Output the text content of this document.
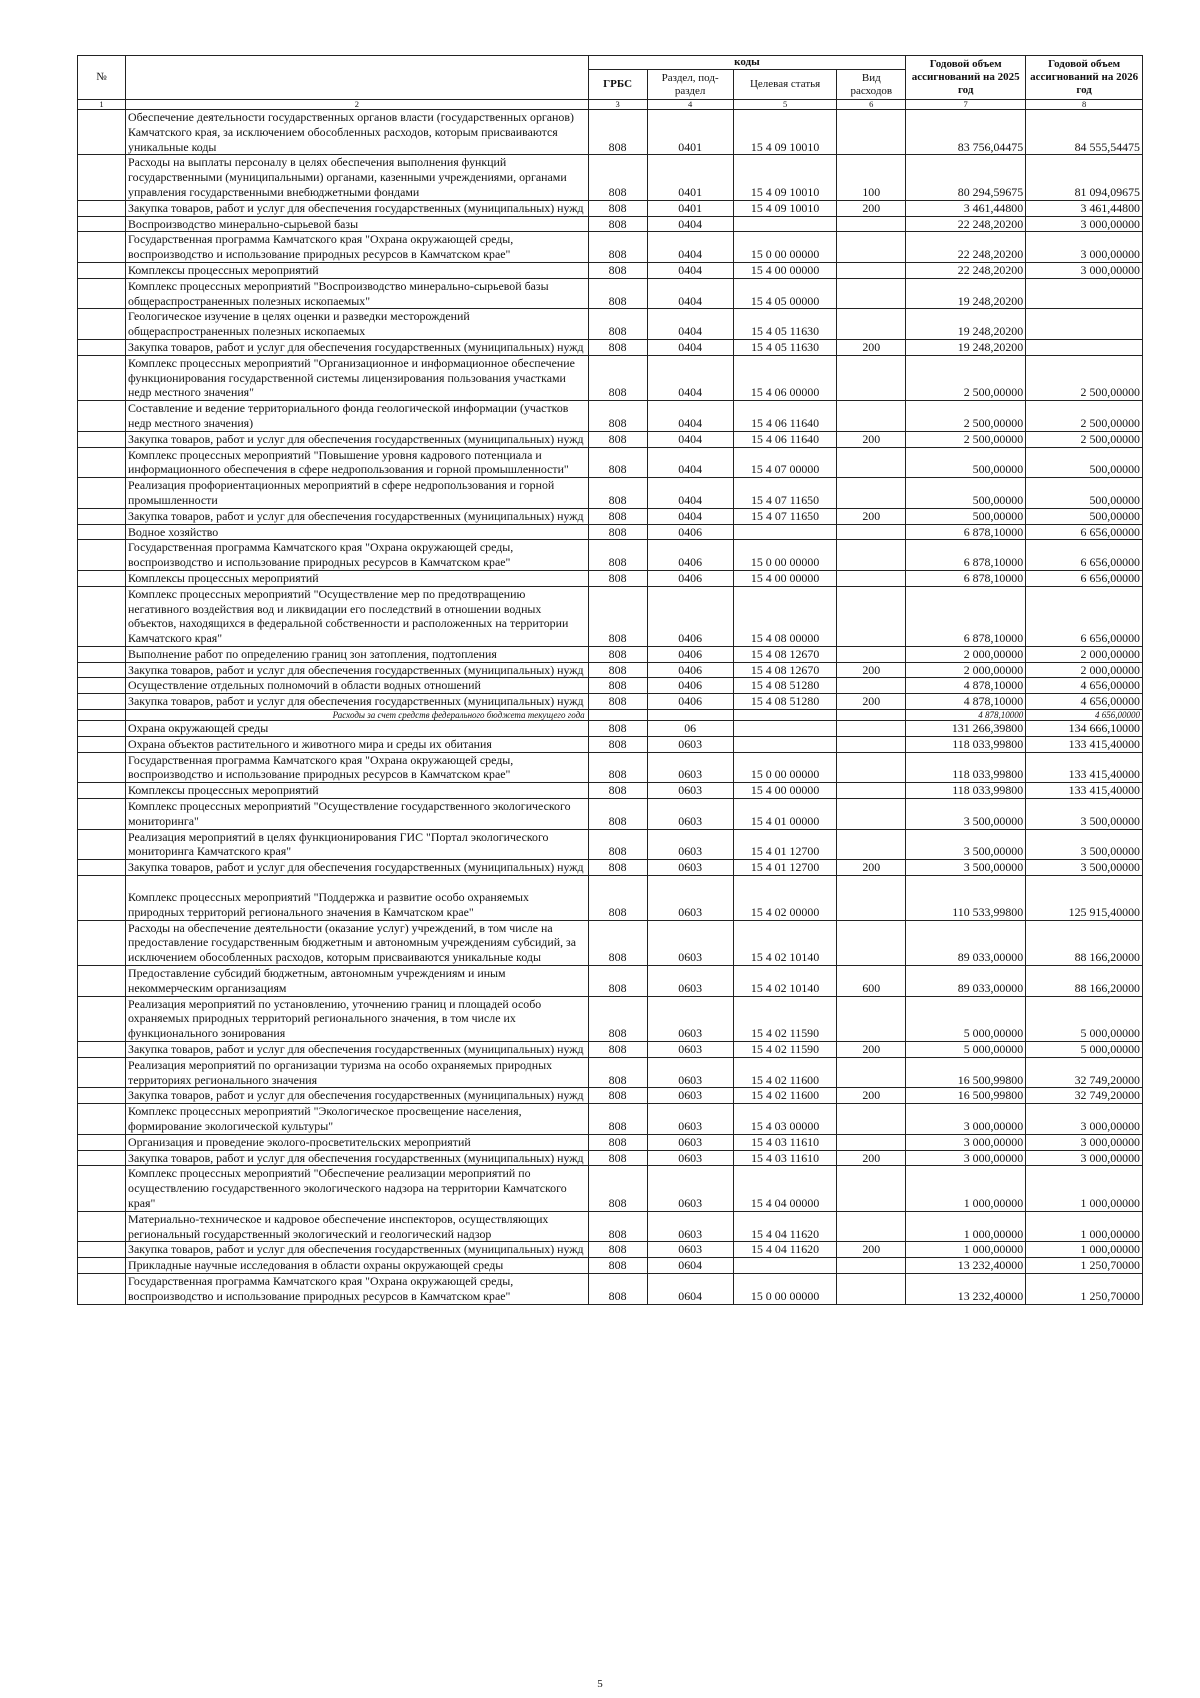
№		коды				Годовой объем ассигнований на 2025 год	Годовой объем ассигнований на 2026 год
		ГРБС	Раздел, под-раздел	Целевая статья	Вид расходов		
1	2	3	4	5	6	7	8
	Обеспечение деятельности государственных органов власти (государственных органов) Камчатского края, за исключением обособленных расходов, которым присваиваются уникальные коды	808	0401	15 4 09 10010		83 756,04475	84 555,54475
	Расходы на выплаты персоналу в целях обеспечения выполнения функций государственными (муниципальными) органами, казенными учреждениями, органами управления государственными внебюджетными фондами	808	0401	15 4 09 10010	100	80 294,59675	81 094,09675
	Закупка товаров, работ и услуг для обеспечения государственных (муниципальных) нужд	808	0401	15 4 09 10010	200	3 461,44800	3 461,44800
	Воспроизводство минерально-сырьевой базы	808	0404			22 248,20200	3 000,00000
	Государственная программа Камчатского края "Охрана окружающей среды, воспроизводство и использование природных ресурсов в Камчатском крае"	808	0404	15 0 00 00000		22 248,20200	3 000,00000
	Комплексы процессных мероприятий	808	0404	15 4 00 00000		22 248,20200	3 000,00000
	Комплекс процессных мероприятий "Воспроизводство минерально-сырьевой базы общераспространенных полезных ископаемых"	808	0404	15 4 05 00000		19 248,20200	
	Геологическое изучение в целях оценки и разведки месторождений общераспространенных полезных ископаемых	808	0404	15 4 05 11630		19 248,20200	
	Закупка товаров, работ и услуг для обеспечения государственных (муниципальных) нужд	808	0404	15 4 05 11630	200	19 248,20200	
	Комплекс процессных мероприятий "Организационное и информационное обеспечение функционирования государственной системы лицензирования пользования участками недр местного значения"	808	0404	15 4 06 00000		2 500,00000	2 500,00000
	Составление и ведение территориального фонда геологической информации (участков недр местного значения)	808	0404	15 4 06 11640		2 500,00000	2 500,00000
	Закупка товаров, работ и услуг для обеспечения государственных (муниципальных) нужд	808	0404	15 4 06 11640	200	2 500,00000	2 500,00000
	Комплекс процессных мероприятий "Повышение уровня кадрового потенциала и информационного обеспечения в сфере недропользования и горной промышленности"	808	0404	15 4 07 00000		500,00000	500,00000
	Реализация профориентационных мероприятий в сфере недропользования и горной промышленности	808	0404	15 4 07 11650		500,00000	500,00000
	Закупка товаров, работ и услуг для обеспечения государственных (муниципальных) нужд	808	0404	15 4 07 11650	200	500,00000	500,00000
	Водное хозяйство	808	0406			6 878,10000	6 656,00000
	Государственная программа Камчатского края "Охрана окружающей среды, воспроизводство и использование природных ресурсов в Камчатском крае"	808	0406	15 0 00 00000		6 878,10000	6 656,00000
	Комплексы процессных мероприятий	808	0406	15 4 00 00000		6 878,10000	6 656,00000
	Комплекс процессных мероприятий "Осуществление мер по предотвращению негативного воздействия вод и ликвидации его последствий в отношении водных объектов, находящихся в федеральной собственности и расположенных на территории Камчатского края"	808	0406	15 4 08 00000		6 878,10000	6 656,00000
	Выполнение работ по определению границ зон затопления, подтопления	808	0406	15 4 08 12670		2 000,00000	2 000,00000
	Закупка товаров, работ и услуг для обеспечения государственных (муниципальных) нужд	808	0406	15 4 08 12670	200	2 000,00000	2 000,00000
	Осуществление отдельных полномочий в области водных отношений	808	0406	15 4 08 51280		4 878,10000	4 656,00000
	Закупка товаров, работ и услуг для обеспечения государственных (муниципальных) нужд	808	0406	15 4 08 51280	200	4 878,10000	4 656,00000
	Расходы за счет средств федерального бюджета текущего года					4 878,10000	4 656,00000
	Охрана окружающей среды	808	06			131 266,39800	134 666,10000
	Охрана объектов растительного и животного мира и среды их обитания	808	0603			118 033,99800	133 415,40000
	Государственная программа Камчатского края "Охрана окружающей среды, воспроизводство и использование природных ресурсов в Камчатском крае"	808	0603	15 0 00 00000		118 033,99800	133 415,40000
	Комплексы процессных мероприятий	808	0603	15 4 00 00000		118 033,99800	133 415,40000
	Комплекс процессных мероприятий "Осуществление государственного экологического мониторинга"	808	0603	15 4 01 00000		3 500,00000	3 500,00000
	Реализация мероприятий в целях функционирования ГИС "Портал экологического мониторинга Камчатского края"	808	0603	15 4 01 12700		3 500,00000	3 500,00000
	Закупка товаров, работ и услуг для обеспечения государственных (муниципальных) нужд	808	0603	15 4 01 12700	200	3 500,00000	3 500,00000
	Комплекс процессных мероприятий "Поддержка и развитие особо охраняемых природных территорий регионального значения в Камчатском крае"	808	0603	15 4 02 00000		110 533,99800	125 915,40000
	Расходы на обеспечение деятельности (оказание услуг) учреждений, в том числе на предоставление государственным бюджетным и автономным учреждениям субсидий, за исключением обособленных расходов, которым присваиваются уникальные коды	808	0603	15 4 02 10140		89 033,00000	88 166,20000
	Предоставление субсидий бюджетным, автономным учреждениям и иным некоммерческим организациям	808	0603	15 4 02 10140	600	89 033,00000	88 166,20000
	Реализация мероприятий по установлению, уточнению границ и площадей особо охраняемых природных территорий регионального значения, в том числе их функционального зонирования	808	0603	15 4 02 11590		5 000,00000	5 000,00000
	Закупка товаров, работ и услуг для обеспечения государственных (муниципальных) нужд	808	0603	15 4 02 11590	200	5 000,00000	5 000,00000
	Реализация мероприятий по организации туризма на особо охраняемых природных территориях регионального значения	808	0603	15 4 02 11600		16 500,99800	32 749,20000
	Закупка товаров, работ и услуг для обеспечения государственных (муниципальных) нужд	808	0603	15 4 02 11600	200	16 500,99800	32 749,20000
	Комплекс процессных мероприятий "Экологическое просвещение населения, формирование экологической культуры"	808	0603	15 4 03 00000		3 000,00000	3 000,00000
	Организация и проведение эколого-просветительских мероприятий	808	0603	15 4 03 11610		3 000,00000	3 000,00000
	Закупка товаров, работ и услуг для обеспечения государственных (муниципальных) нужд	808	0603	15 4 03 11610	200	3 000,00000	3 000,00000
	Комплекс процессных мероприятий "Обеспечение реализации мероприятий по осуществлению государственного экологического надзора на территории Камчатского края"	808	0603	15 4 04 00000		1 000,00000	1 000,00000
	Материально-техническое и кадровое обеспечение инспекторов, осуществляющих региональный государственный экологический и геологический надзор	808	0603	15 4 04 11620		1 000,00000	1 000,00000
	Закупка товаров, работ и услуг для обеспечения государственных (муниципальных) нужд	808	0603	15 4 04 11620	200	1 000,00000	1 000,00000
	Прикладные научные исследования в области охраны окружающей среды	808	0604			13 232,40000	1 250,70000
	Государственная программа Камчатского края "Охрана окружающей среды, воспроизводство и использование природных ресурсов в Камчатском крае"	808	0604	15 0 00 00000		13 232,40000	1 250,70000
5
